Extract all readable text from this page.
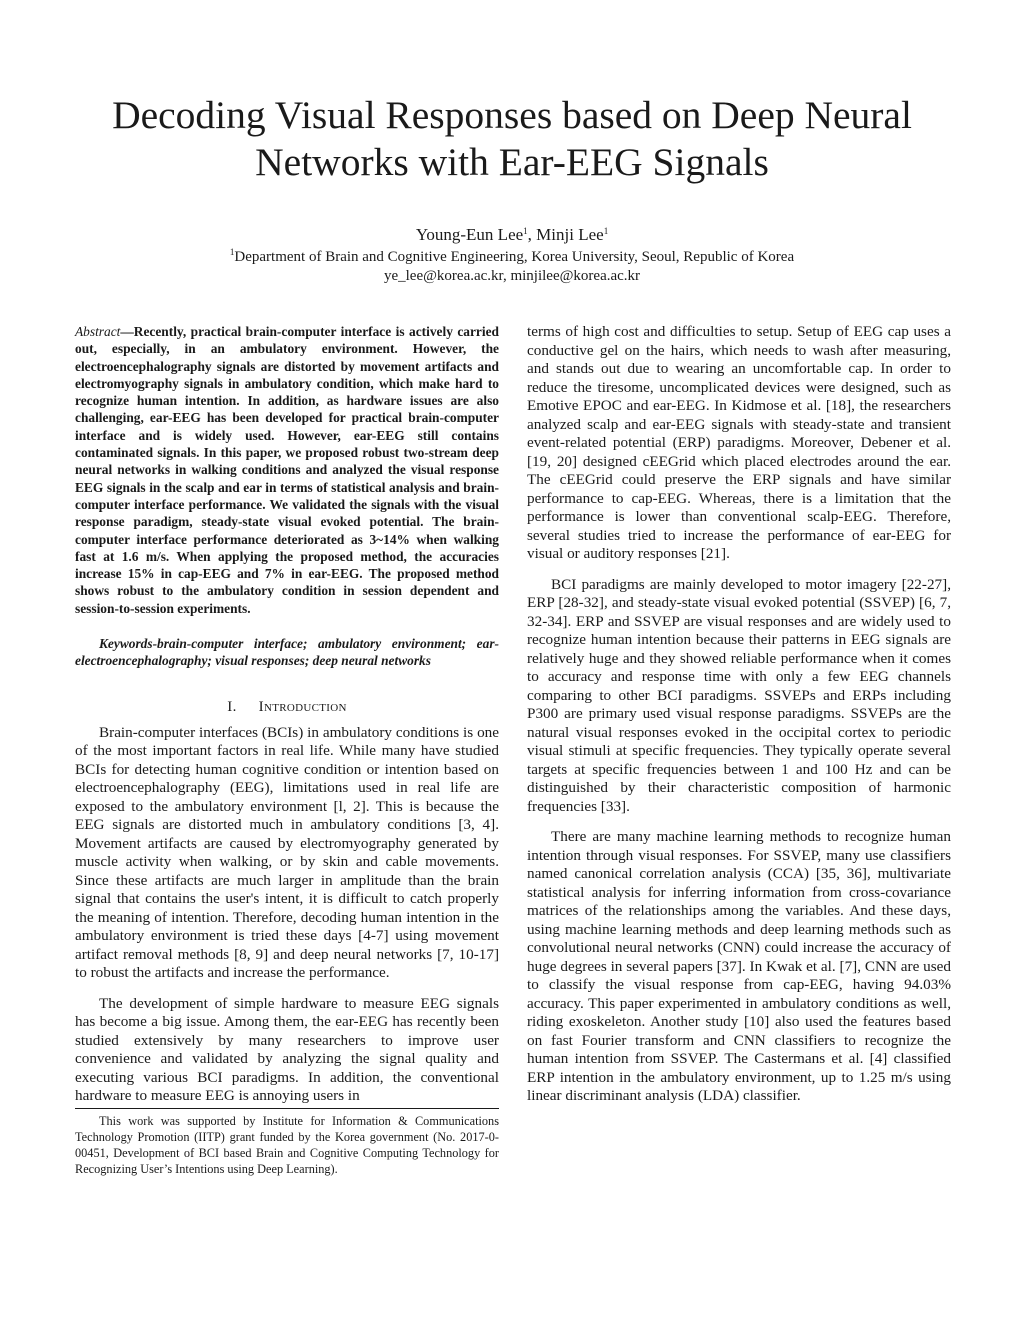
Decoding Visual Responses based on Deep Neural
Networks with Ear-EEG Signals
Young-Eun Lee$^1$, Minji Lee$^1$
$^1$Department of Brain and Cognitive Engineering, Korea University, Seoul, Republic of Korea
ye_lee@korea.ac.kr, minjilee@korea.ac.kr

Abstract—Recently, practical brain-computer interface is actively carried out, especially, in an ambulatory environment. However, the electroencephalography signals are distorted by movement artifacts and electromyography signals in ambulatory condition, which make hard to recognize human intention. In addition, as hardware issues are also challenging, ear-EEG has been developed for practical brain-computer interface and is widely used. However, ear-EEG still contains contaminated signals. In this paper, we proposed robust two-stream deep neural networks in walking conditions and analyzed the visual response EEG signals in the scalp and ear in terms of statistical analysis and brain-computer interface performance. We validated the signals with the visual response paradigm, steady-state visual evoked potential. The brain-computer interface performance deteriorated as 3~14% when walking fast at 1.6 m/s. When applying the proposed method, the accuracies increase 15% in cap-EEG and 7% in ear-EEG. The proposed method shows robust to the ambulatory condition in session dependent and session-to-session experiments.

Keywords-brain-computer interface; ambulatory environment; ear-electroencephalography; visual responses; deep neural networks

I. Introduction

Brain-computer interfaces (BCIs) in ambulatory conditions is one of the most important factors in real life. While many have studied BCIs for detecting human cognitive condition or intention based on electroencephalography (EEG), limitations used in real life are exposed to the ambulatory environment [l, 2]. This is because the EEG signals are distorted much in ambulatory conditions [3, 4]. Movement artifacts are caused by electromyography generated by muscle activity when walking, or by skin and cable movements. Since these artifacts are much larger in amplitude than the brain signal that contains the user's intent, it is difficult to catch properly the meaning of intention. Therefore, decoding human intention in the ambulatory environment is tried these days [4-7] using movement artifact removal methods [8, 9] and deep neural networks [7, 10-17] to robust the artifacts and increase the performance.

The development of simple hardware to measure EEG signals has become a big issue. Among them, the ear-EEG has recently been studied extensively by many researchers to improve user convenience and validated by analyzing the signal quality and executing various BCI paradigms. In addition, the conventional hardware to measure EEG is annoying users in

This work was supported by Institute for Information & Communications Technology Promotion (IITP) grant funded by the Korea government (No. 2017-0-00451, Development of BCI based Brain and Cognitive Computing Technology for Recognizing User’s Intentions using Deep Learning).

terms of high cost and difficulties to setup. Setup of EEG cap uses a conductive gel on the hairs, which needs to wash after measuring, and stands out due to wearing an uncomfortable cap. In order to reduce the tiresome, uncomplicated devices were designed, such as Emotive EPOC and ear-EEG. In Kidmose et al. [18], the researchers analyzed scalp and ear-EEG signals with steady-state and transient event-related potential (ERP) paradigms. Moreover, Debener et al. [19, 20] designed cEEGrid which placed electrodes around the ear. The cEEGrid could preserve the ERP signals and have similar performance to cap-EEG. Whereas, there is a limitation that the performance is lower than conventional scalp-EEG. Therefore, several studies tried to increase the performance of ear-EEG for visual or auditory responses [21].

BCI paradigms are mainly developed to motor imagery [22-27], ERP [28-32], and steady-state visual evoked potential (SSVEP) [6, 7, 32-34]. ERP and SSVEP are visual responses and are widely used to recognize human intention because their patterns in EEG signals are relatively huge and they showed reliable performance when it comes to accuracy and response time with only a few EEG channels comparing to other BCI paradigms. SSVEPs and ERPs including P300 are primary used visual response paradigms. SSVEPs are the natural visual responses evoked in the occipital cortex to periodic visual stimuli at specific frequencies. They typically operate several targets at specific frequencies between 1 and 100 Hz and can be distinguished by their characteristic composition of harmonic frequencies [33].

There are many machine learning methods to recognize human intention through visual responses. For SSVEP, many use classifiers named canonical correlation analysis (CCA) [35, 36], multivariate statistical analysis for inferring information from cross-covariance matrices of the relationships among the variables. And these days, using machine learning methods and deep learning methods such as convolutional neural networks (CNN) could increase the accuracy of huge degrees in several papers [37]. In Kwak et al. [7], CNN are used to classify the visual response from cap-EEG, having 94.03% accuracy. This paper experimented in ambulatory conditions as well, riding exoskeleton. Another study [10] also used the features based on fast Fourier transform and CNN classifiers to recognize the human intention from SSVEP. The Castermans et al. [4] classified ERP intention in the ambulatory environment, up to 1.25 m/s using linear discriminant analysis (LDA) classifier.
